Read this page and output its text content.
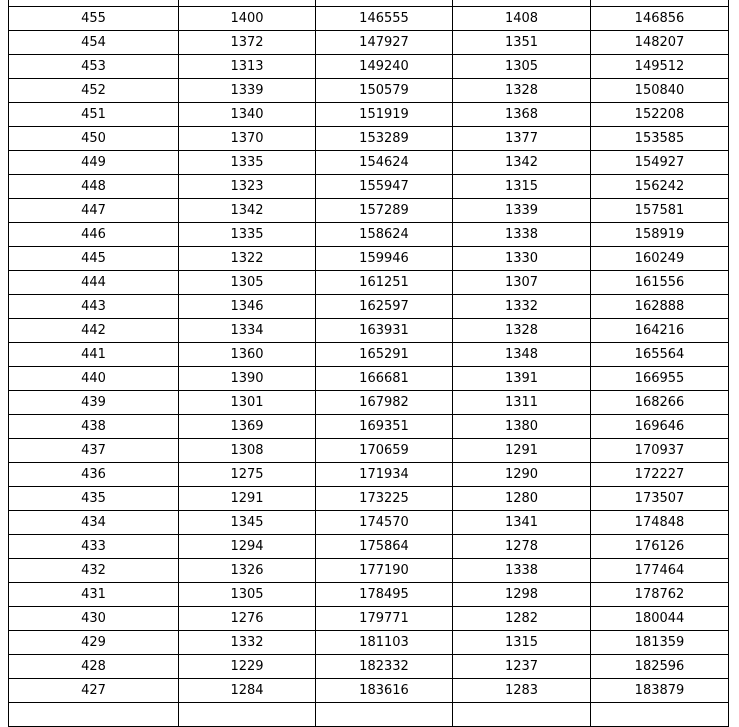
455	1400	146555	1408	146856
454	1372	147927	1351	148207
453	1313	149240	1305	149512
452	1339	150579	1328	150840
451	1340	151919	1368	152208
450	1370	153289	1377	153585
449	1335	154624	1342	154927
448	1323	155947	1315	156242
447	1342	157289	1339	157581
446	1335	158624	1338	158919
445	1322	159946	1330	160249
444	1305	161251	1307	161556
443	1346	162597	1332	162888
442	1334	163931	1328	164216
441	1360	165291	1348	165564
440	1390	166681	1391	166955
439	1301	167982	1311	168266
438	1369	169351	1380	169646
437	1308	170659	1291	170937
436	1275	171934	1290	172227
435	1291	173225	1280	173507
434	1345	174570	1341	174848
433	1294	175864	1278	176126
432	1326	177190	1338	177464
431	1305	178495	1298	178762
430	1276	179771	1282	180044
429	1332	181103	1315	181359
428	1229	182332	1237	182596
427	1284	183616	1283	183879
